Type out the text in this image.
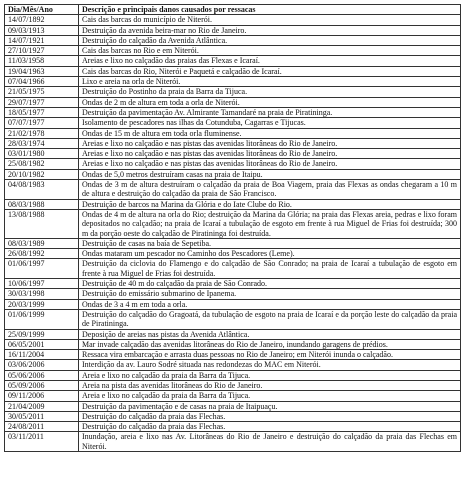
Dia/Mês/Ano	Descrição e principais danos causados por ressacas
14/07/1892	Cais das barcas do município de Niterói.
09/03/1913	Destruição da avenida beira-mar no Rio de Janeiro.
14/07/1921	Destruição do calçadão da Avenida Atlântica.
27/10/1927	Cais das barcas no Rio e em Niterói.
11/03/1958	Areias e lixo no calçadão das praias das Flexas e Icaraí.
19/04/1963	Cais das barcas do Rio, Niterói e Paquetá e calçadão de Icaraí.
07/04/1966	Lixo e areia na orla de Niterói.
21/05/1975	Destruição do Postinho da praia da Barra da Tijuca.
29/07/1977	Ondas de 2 m de altura em toda a orla de Niterói.
18/05/1977	Destruição da pavimentação Av. Almirante Tamandaré na praia de Piratininga.
07/07/1977	Isolamento de pescadores nas ilhas da Cotunduba, Cagarras e Tijucas.
21/02/1978	Ondas de 15 m de altura em toda orla fluminense.
28/03/1974	Areias e lixo no calçadão e nas pistas das avenidas litorâneas do Rio de Janeiro.
03/01/1980	Areias e lixo no calçadão e nas pistas das avenidas litorâneas do Rio de Janeiro.
25/08/1982	Areias e lixo no calçadão e nas pistas das avenidas litorâneas do Rio de Janeiro.
20/10/1982	Ondas de 5,0 metros destruíram casas na praia de Itaipu.
04/08/1983	Ondas de 3 m de altura destruíram o calçadão da praia de Boa Viagem, praia das Flexas as ondas chegaram a 10 m de altura e destruição do calçadão da praia de São Francisco.
08/03/1988	Destruição de barcos na Marina da Glória e do Iate Clube do Rio.
13/08/1988	Ondas de 4 m de altura na orla do Rio; destruição da Marina da Glória; na praia das Flexas areia, pedras e lixo foram depositados no calçadão; na praia de Icaraí a tubulação de esgoto em frente à rua Miguel de Frias foi destruída; 300 m da porção oeste do calçadão de Piratininga foi destruída.
08/03/1989	Destruição de casas na baía de Sepetiba.
26/08/1992	Ondas mataram um pescador no Caminho dos Pescadores (Leme).
01/06/1997	Destruição da ciclovia do Flamengo e do calçadão de São Conrado; na praia de Icaraí a tubulação de esgoto em frente à rua Miguel de Frias foi destruída.
10/06/1997	Destruição de 40 m do calçadão da praia de São Conrado.
30/03/1998	Destruição do emissário submarino de Ipanema.
20/03/1999	Ondas de 3 a 4 m em toda a orla.
01/06/1999	Destruição do calçadão do Gragoatá, da tubulação de esgoto na praia de Icaraí e da porção leste do calçadão da praia de Piratininga.
25/09/1999	Deposição de areias nas pistas da Avenida Atlântica.
06/05/2001	Mar invade calçadão das avenidas litorâneas do Rio de Janeiro, inundando garagens de prédios.
16/11/2004	Ressaca vira embarcação e arrasta duas pessoas no Rio de Janeiro; em Niterói inunda o calçadão.
03/06/2006	Interdição da av. Lauro Sodré situada nas redondezas do MAC em Niterói.
05/06/2006	Areia e lixo no calçadão da praia da Barra da Tijuca.
05/09/2006	Areia na pista das avenidas litorâneas do Rio de Janeiro.
09/11/2006	Areia e lixo no calçadão da praia da Barra da Tijuca.
21/04/2009	Destruição da pavimentação e de casas na praia de Itaipuaçu.
30/05/2011	Destruição do calçadão da praia das Flechas.
24/08/2011	Destruição do calçadão da praia das Flechas.
03/11/2011	Inundação, areia e lixo nas Av. Litorâneas do Rio de Janeiro e destruição do calçadão da praia das Flechas em Niterói.
